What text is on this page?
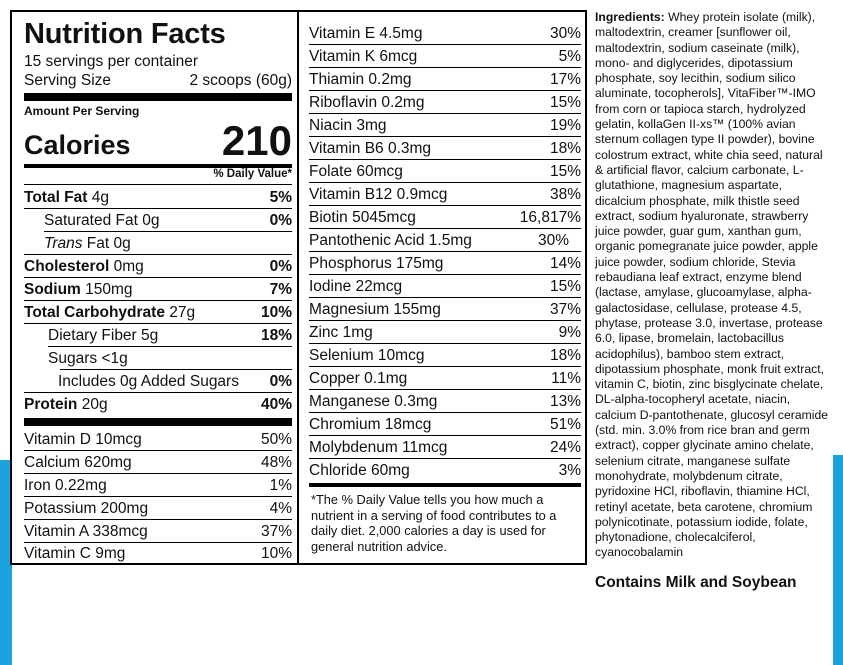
Nutrition Facts
15 servings per container
Serving Size	2 scoops (60g)
Amount Per Serving
Calories 210
% Daily Value*
Total Fat 4g	5%
Saturated Fat 0g	0%
Trans Fat 0g
Cholesterol 0mg	0%
Sodium 150mg	7%
Total Carbohydrate 27g	10%
Dietary Fiber 5g	18%
Sugars <1g
Includes 0g Added Sugars 0%
Protein 20g	40%
Vitamin D 10mcg	50%
Calcium 620mg	48%
Iron 0.22mg	1%
Potassium 200mg	4%
Vitamin A 338mcg	37%
Vitamin C 9mg	10%
Vitamin E 4.5mg	30%
Vitamin K 6mcg	5%
Thiamin 0.2mg	17%
Riboflavin 0.2mg	15%
Niacin 3mg	19%
Vitamin B6 0.3mg	18%
Folate 60mcg	15%
Vitamin B12 0.9mcg	38%
Biotin 5045mcg	16,817%
Pantothenic Acid 1.5mg	30%
Phosphorus 175mg	14%
Iodine 22mcg	15%
Magnesium 155mg	37%
Zinc 1mg	9%
Selenium 10mcg	18%
Copper 0.1mg	11%
Manganese 0.3mg	13%
Chromium 18mcg	51%
Molybdenum 11mcg	24%
Chloride 60mg	3%
*The % Daily Value tells you how much a nutrient in a serving of food contributes to a daily diet. 2,000 calories a day is used for general nutrition advice.
Ingredients: Whey protein isolate (milk), maltodextrin, creamer [sunflower oil, maltodextrin, sodium caseinate (milk), mono- and diglycerides, dipotassium phosphate, soy lecithin, sodium silico aluminate, tocopherols], VitaFiber™-IMO from corn or tapioca starch, hydrolyzed gelatin, kollaGen II-xs™ (100% avian sternum collagen type II powder), bovine colostrum extract, white chia seed, natural & artificial flavor, calcium carbonate, L-glutathione, magnesium aspartate, dicalcium phosphate, milk thistle seed extract, sodium hyaluronate, strawberry juice powder, guar gum, xanthan gum, organic pomegranate juice powder, apple juice powder, sodium chloride, Stevia rebaudiana leaf extract, enzyme blend (lactase, amylase, glucoamylase, alpha-galactosidase, cellulase, protease 4.5, phytase, protease 3.0, invertase, protease 6.0, lipase, bromelain, lactobacillus acidophilus), bamboo stem extract, dipotassium phosphate, monk fruit extract, vitamin C, biotin, zinc bisglycinate chelate, DL-alpha-tocopheryl acetate, niacin, calcium D-pantothenate, glucosyl ceramide (std. min. 3.0% from rice bran and germ extract), copper glycinate amino chelate, selenium citrate, manganese sulfate monohydrate, molybdenum citrate, pyridoxine HCl, riboflavin, thiamine HCl, retinyl acetate, beta carotene, chromium polynicotinate, potassium iodide, folate, phytonadione, cholecalciferol, cyanocobalamin
Contains Milk and Soybean
